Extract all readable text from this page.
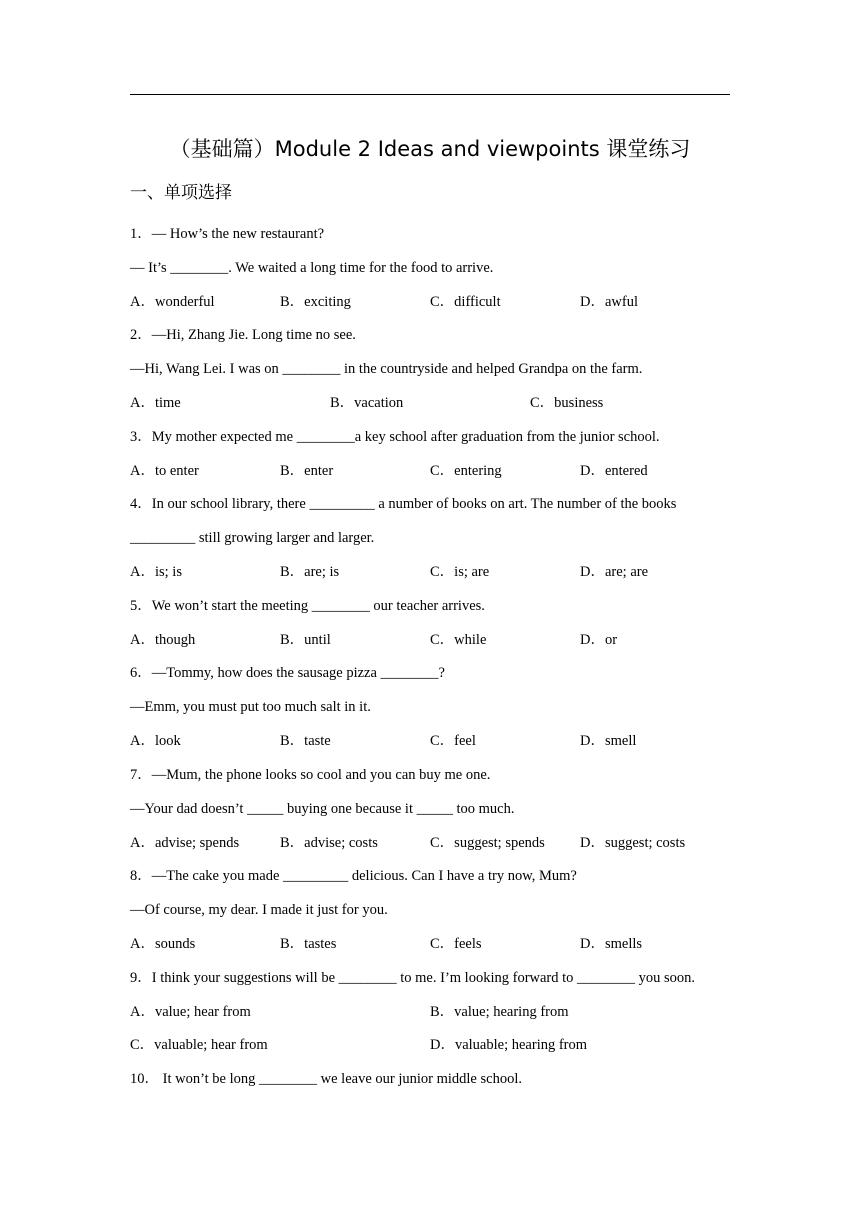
（基础篇）Module 2 Ideas and viewpoints 课堂练习
一、单项选择
1．— How’s the new restaurant?
— It’s ________. We waited a long time for the food to arrive.
A．wonderful	B．exciting	C．difficult	D．awful
2．—Hi, Zhang Jie. Long time no see.
—Hi, Wang Lei. I was on ________ in the countryside and helped Grandpa on the farm.
A．time	B．vacation	C．business
3．My mother expected me ________a key school after graduation from the junior school.
A．to enter	B．enter	C．entering	D．entered
4．In our school library, there _________ a number of books on art. The number of the books
_________ still growing larger and larger.
A．is; is	B．are; is	C．is; are	D．are; are
5．We won’t start the meeting ________ our teacher arrives.
A．though	B．until	C．while	D．or
6．—Tommy, how does the sausage pizza ________?
—Emm, you must put too much salt in it.
A．look	B．taste	C．feel	D．smell
7．—Mum, the phone looks so cool and you can buy me one.
—Your dad doesn’t _____ buying one because it _____ too much.
A．advise; spends	B．advise; costs	C．suggest; spends D．suggest; costs
8．—The cake you made _________ delicious. Can I have a try now, Mum?
—Of course, my dear. I made it just for you.
A．sounds	B．tastes	C．feels	D．smells
9．I think your suggestions will be ________ to me. I’m looking forward to ________ you soon.
A．value; hear from	B．value; hearing from
C．valuable; hear from	D．valuable; hearing from
10． It won’t be long ________ we leave our junior middle school.
